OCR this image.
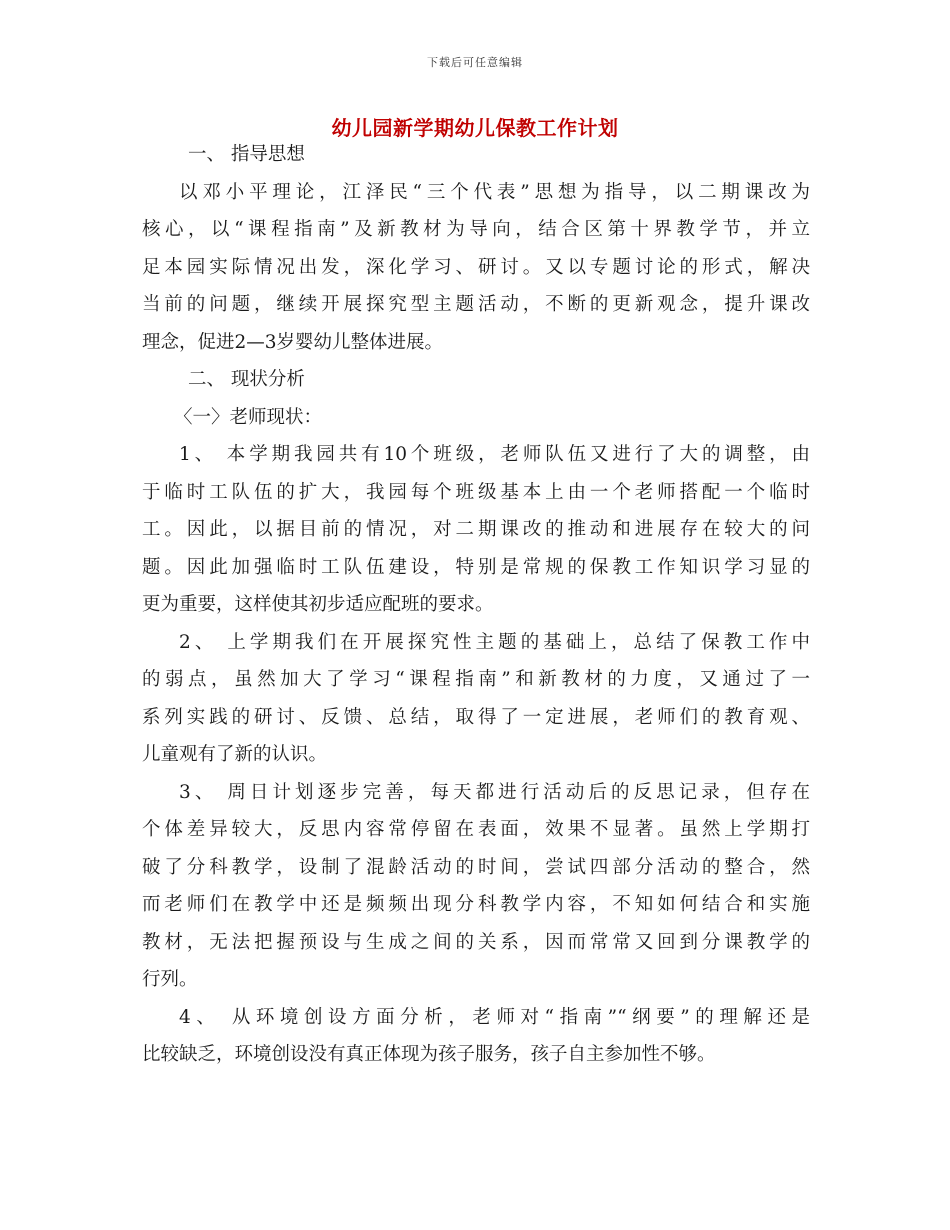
下载后可任意编辑
幼儿园新学期幼儿保教工作计划
一、 指导思想
以邓小平理论，江泽民“三个代表”思想为指导，以二期课改为
核心，以“课程指南”及新教材为导向，结合区第十界教学节，并立
足本园实际情况出发，深化学习、研讨。又以专题讨论的形式，解决
当前的问题，继续开展探究型主题活动，不断的更新观念，提升课改
理念，促进2—3岁婴幼儿整体进展。
二、 现状分析
〈一〉老师现状：
1、 本学期我园共有10个班级，老师队伍又进行了大的调整，由
于临时工队伍的扩大，我园每个班级基本上由一个老师搭配一个临时
工。因此，以据目前的情况，对二期课改的推动和进展存在较大的问
题。因此加强临时工队伍建设，特别是常规的保教工作知识学习显的
更为重要，这样使其初步适应配班的要求。
2、 上学期我们在开展探究性主题的基础上，总结了保教工作中
的弱点，虽然加大了学习“课程指南”和新教材的力度，又通过了一
系列实践的研讨、反馈、总结，取得了一定进展，老师们的教育观、
儿童观有了新的认识。
3、 周日计划逐步完善，每天都进行活动后的反思记录，但存在
个体差异较大，反思内容常停留在表面，效果不显著。虽然上学期打
破了分科教学，设制了混龄活动的时间，尝试四部分活动的整合，然
而老师们在教学中还是频频出现分科教学内容，不知如何结合和实施
教材，无法把握预设与生成之间的关系，因而常常又回到分课教学的
行列。
4、 从环境创设方面分析，老师对“指南”“纲要”的理解还是
比较缺乏，环境创设没有真正体现为孩子服务，孩子自主参加性不够。
